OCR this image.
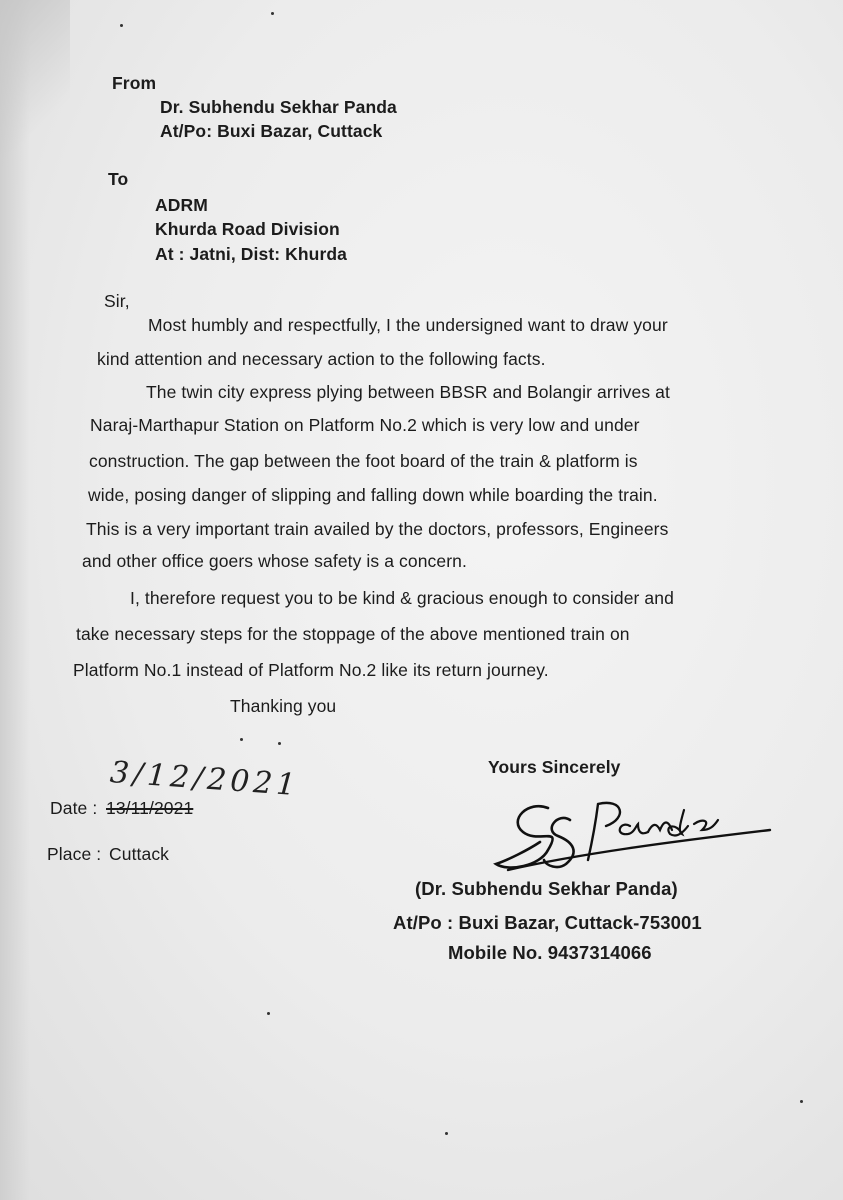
From
Dr. Subhendu Sekhar Panda
At/Po: Buxi Bazar, Cuttack
To
ADRM
Khurda Road Division
At : Jatni, Dist: Khurda
Sir,
Most humbly and respectfully, I the undersigned want to draw your
kind attention and necessary action to the following facts.
The twin city express plying between BBSR and Bolangir arrives at
Naraj-Marthapur Station on Platform No.2 which is very low and under
construction. The gap between the foot board of the train & platform is
wide, posing danger of slipping and falling down while boarding the train.
This is a very important train availed by the doctors, professors, Engineers
and other office goers whose safety is a concern.
I, therefore request you to be kind & gracious enough to consider and
take necessary steps for the stoppage of the above mentioned train on
Platform No.1 instead of Platform No.2 like its return journey.
Thanking you
Yours Sincerely
3/12/2021
Date : 13/11/2021
Place : Cuttack
(Dr. Subhendu Sekhar Panda)
At/Po : Buxi Bazar, Cuttack-753001
Mobile No. 9437314066
